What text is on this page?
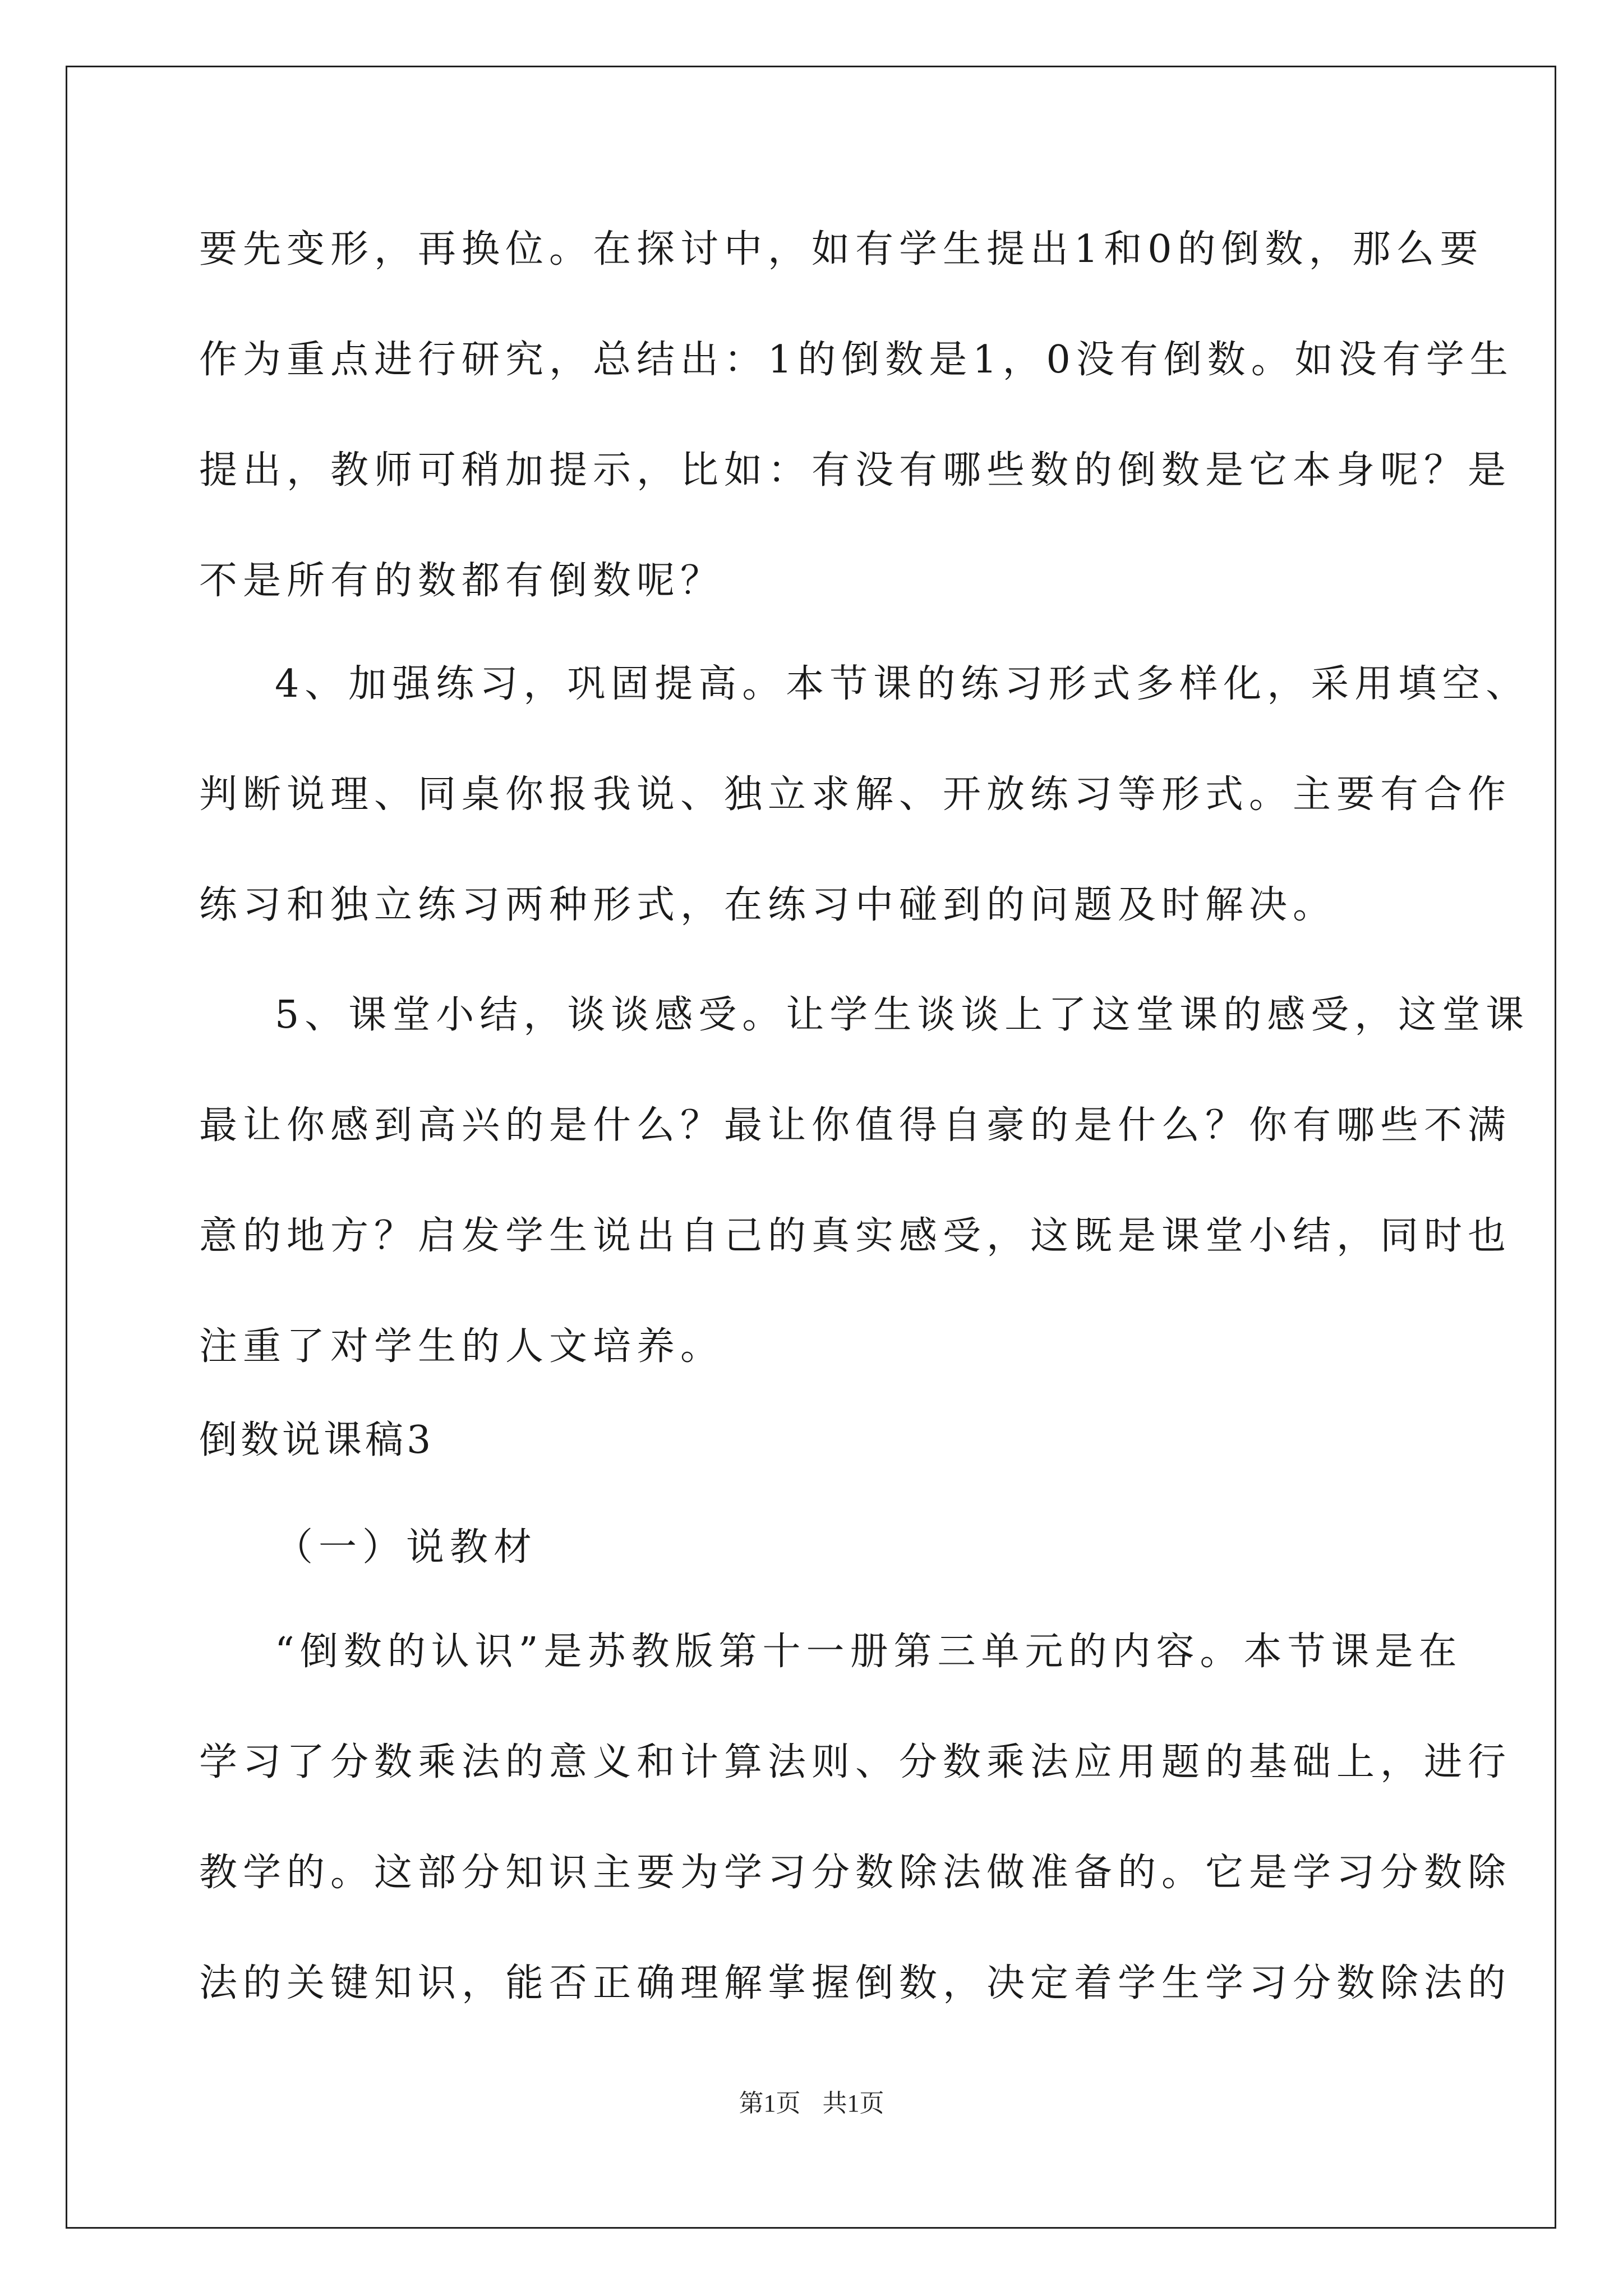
要先变形，再换位。在探讨中，如有学生提出1和0的倒数，那么要
作为重点进行研究，总结出：1的倒数是1，0没有倒数。如没有学生
提出，教师可稍加提示，比如：有没有哪些数的倒数是它本身呢？是
不是所有的数都有倒数呢？
4、加强练习，巩固提高。本节课的练习形式多样化，采用填空、
判断说理、同桌你报我说、独立求解、开放练习等形式。主要有合作
练习和独立练习两种形式，在练习中碰到的问题及时解决。
5、课堂小结，谈谈感受。让学生谈谈上了这堂课的感受，这堂课
最让你感到高兴的是什么？最让你值得自豪的是什么？你有哪些不满
意的地方？启发学生说出自己的真实感受，这既是课堂小结，同时也
注重了对学生的人文培养。
倒数说课稿3
（一）说教材
“倒数的认识”是苏教版第十一册第三单元的内容。本节课是在
学习了分数乘法的意义和计算法则、分数乘法应用题的基础上，进行
教学的。这部分知识主要为学习分数除法做准备的。它是学习分数除
法的关键知识，能否正确理解掌握倒数，决定着学生学习分数除法的
第1页 共1页
